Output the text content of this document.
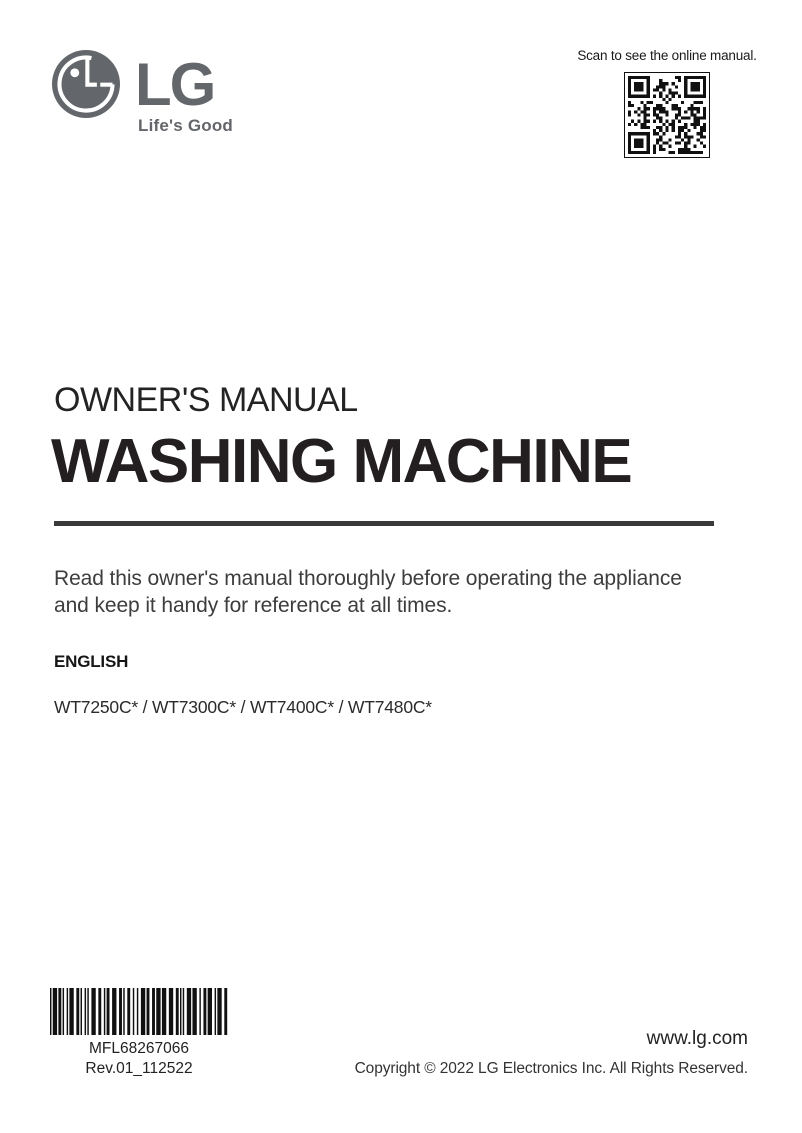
LG
Life's Good
Scan to see the online manual.
OWNER'S MANUAL
WASHING MACHINE
Read this owner's manual thoroughly before operating the appliance and keep it handy for reference at all times.
ENGLISH
WT7250C* / WT7300C* / WT7400C* / WT7480C*
MFL68267066
Rev.01_112522
www.lg.com
Copyright © 2022 LG Electronics Inc. All Rights Reserved.
